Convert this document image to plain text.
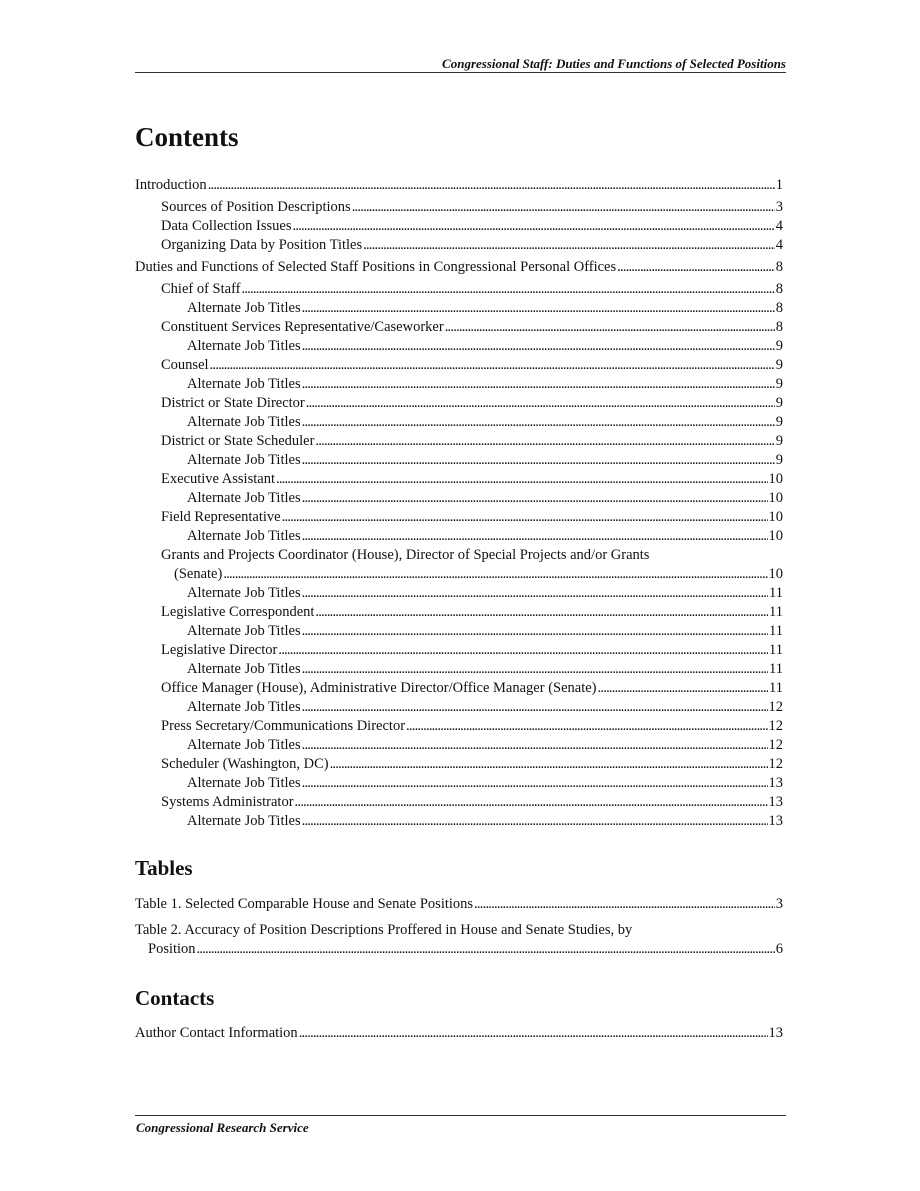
Congressional Staff: Duties and Functions of Selected Positions
Contents
Introduction . . .	1
Sources of Position Descriptions . . .	3
Data Collection Issues . . .	4
Organizing Data by Position Titles . . .	4
Duties and Functions of Selected Staff Positions in Congressional Personal Offices . . .	8
Chief of Staff . . .	8
Alternate Job Titles . . .	8
Constituent Services Representative/Caseworker . . .	8
Alternate Job Titles . . .	9
Counsel . . .	9
Alternate Job Titles . . .	9
District or State Director . . .	9
Alternate Job Titles . . .	9
District or State Scheduler . . .	9
Alternate Job Titles . . .	9
Executive Assistant . . .	10
Alternate Job Titles . . .	10
Field Representative . . .	10
Alternate Job Titles . . .	10
Grants and Projects Coordinator (House), Director of Special Projects and/or Grants
(Senate) . . .	10
Alternate Job Titles . . .	11
Legislative Correspondent . . .	11
Alternate Job Titles . . .	11
Legislative Director . . .	11
Alternate Job Titles . . .	11
Office Manager (House), Administrative Director/Office Manager (Senate) . . .	11
Alternate Job Titles . . .	12
Press Secretary/Communications Director . . .	12
Alternate Job Titles . . .	12
Scheduler (Washington, DC) . . .	12
Alternate Job Titles . . .	13
Systems Administrator . . .	13
Alternate Job Titles . . .	13
Tables
Table 1. Selected Comparable House and Senate Positions . . .	3
Table 2. Accuracy of Position Descriptions Proffered in House and Senate Studies, by
Position . . .	6
Contacts
Author Contact Information . . .	13
Congressional Research Service
